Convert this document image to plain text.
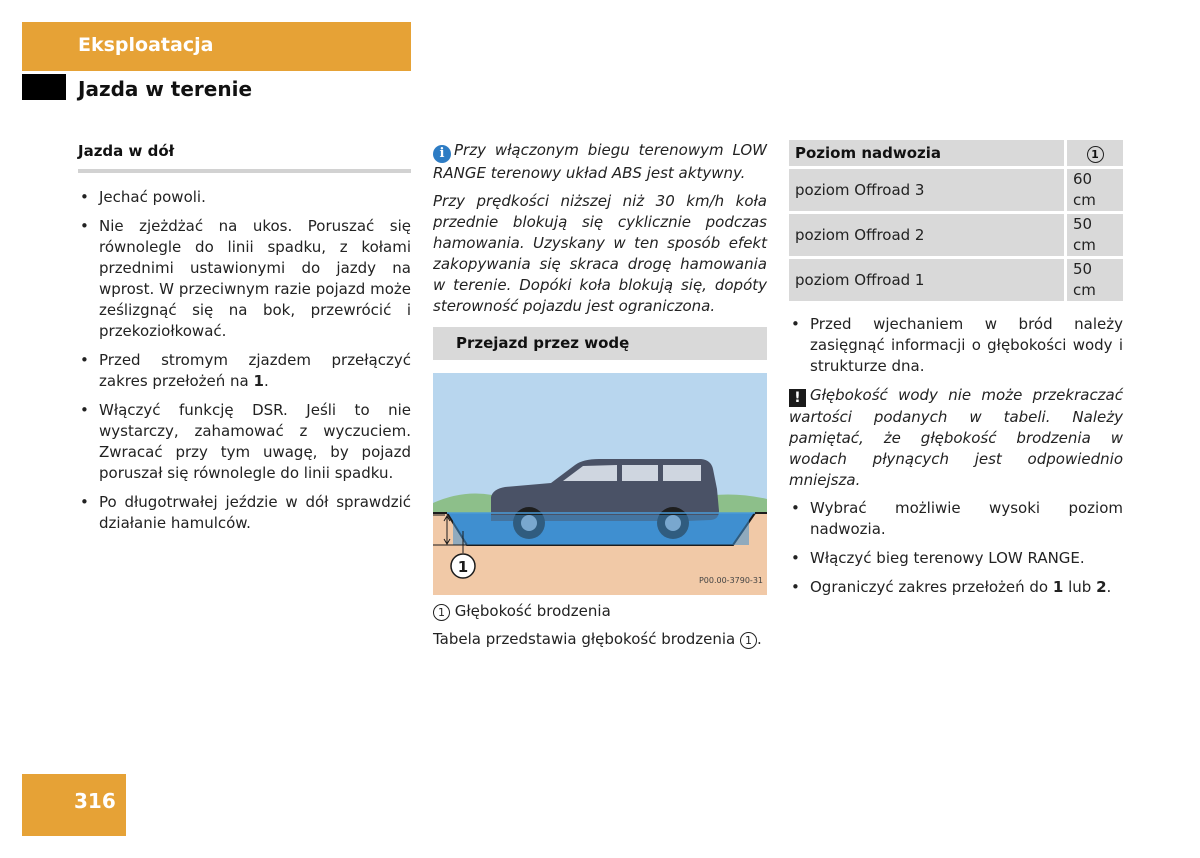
Eksploatacja
Jazda w terenie
Jazda w dół
• Jechać powoli.
• Nie zjeżdżać na ukos. Poruszać się równolegle do linii spadku, z kołami przednimi ustawionymi do jazdy na wprost. W przeciwnym razie pojazd może ześlizgnąć się na bok, przewrócić i przekoziołkować.
• Przed stromym zjazdem przełączyć zakres przełożeń na 1.
• Włączyć funkcję DSR. Jeśli to nie wystarczy, zahamować z wyczuciem. Zwracać przy tym uwagę, by pojazd poruszał się równolegle do linii spadku.
• Po długotrwałej jeździe w dół sprawdzić działanie hamulców.

i Przy włączonym biegu terenowym LOW RANGE terenowy układ ABS jest aktywny.

Przy prędkości niższej niż 30 km/h koła przednie blokują się cyklicznie podczas hamowania. Uzyskany w ten sposób efekt zakopywania się skraca drogę hamowania w terenie. Dopóki koła blokują się, dopóty sterowność pojazdu jest ograniczona.

Przejazd przez wodę
1
P00.00-3790-31

1 Głębokość brodzenia

Tabela przedstawia głębokość brodzenia 1 .

Poziom nadwozia	1
poziom Offroad 3	60 cm
poziom Offroad 2	50 cm
poziom Offroad 1	50 cm
• Przed wjechaniem w bród należy zasięgnąć informacji o głębokości wody i strukturze dna.

! Głębokość wody nie może przekraczać wartości podanych w tabeli. Należy pamiętać, że głębokość brodzenia w wodach płynących jest odpowiednio mniejsza.

• Wybrać możliwie wysoki poziom nadwozia.
• Włączyć bieg terenowy LOW RANGE.
• Ograniczyć zakres przełożeń do 1 lub 2.
316
